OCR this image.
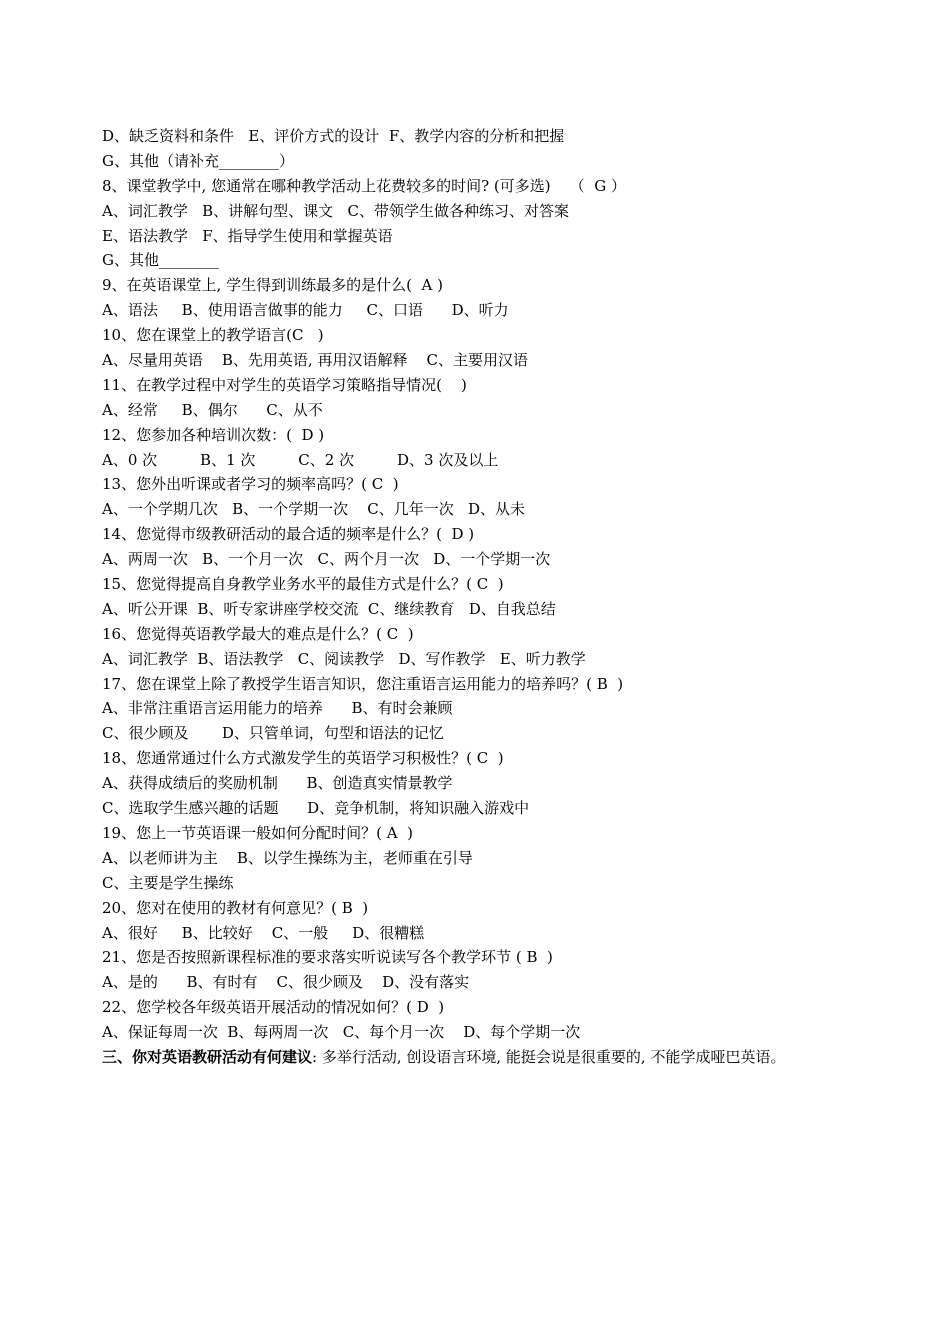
D、缺乏资料和条件   E、评价方式的设计  F、教学内容的分析和把握
G、其他（请补充________）
8、课堂教学中, 您通常在哪种教学活动上花费较多的时间? (可多选)    （  G ）
A、词汇教学   B、讲解句型、课文   C、带领学生做各种练习、对答案
E、语法教学   F、指导学生使用和掌握英语
G、其他________
9、在英语课堂上, 学生得到训练最多的是什么(  A )
A、语法     B、使用语言做事的能力     C、口语      D、听力
10、您在课堂上的教学语言(C   )
A、尽量用英语    B、先用英语, 再用汉语解释    C、主要用汉语
11、在教学过程中对学生的英语学习策略指导情况(    )
A、经常     B、偶尔      C、从不
12、您参加各种培训次数：(  D )
A、0 次         B、1 次         C、2 次         D、3 次及以上
13、您外出听课或者学习的频率高吗？( C  )
A、一个学期几次   B、一个学期一次    C、几年一次   D、从未
14、您觉得市级教研活动的最合适的频率是什么？(  D )
A、两周一次   B、一个月一次   C、两个月一次   D、一个学期一次
15、您觉得提高自身教学业务水平的最佳方式是什么？( C  )
A、听公开课  B、听专家讲座学校交流  C、继续教育   D、自我总结
16、您觉得英语教学最大的难点是什么？( C  )
A、词汇教学  B、语法教学   C、阅读教学   D、写作教学   E、听力教学
17、您在课堂上除了教授学生语言知识，您注重语言运用能力的培养吗？( B  )
A、非常注重语言运用能力的培养      B、有时会兼顾
C、很少顾及       D、只管单词，句型和语法的记忆
18、您通常通过什么方式激发学生的英语学习积极性？( C  )
A、获得成绩后的奖励机制      B、创造真实情景教学
C、选取学生感兴趣的话题      D、竞争机制，将知识融入游戏中
19、您上一节英语课一般如何分配时间？( A  )
A、以老师讲为主    B、以学生操练为主，老师重在引导
C、主要是学生操练
20、您对在使用的教材有何意见？( B  )
A、很好     B、比较好    C、一般     D、很糟糕
21、您是否按照新课程标准的要求落实听说读写各个教学环节 ( B  )
A、是的      B、有时有    C、很少顾及    D、没有落实
22、您学校各年级英语开展活动的情况如何？( D  )
A、保证每周一次  B、每两周一次   C、每个月一次    D、每个学期一次
三、你对英语教研活动有何建议: 多举行活动, 创设语言环境, 能挺会说是很重要的, 不能学成哑巴英语。
